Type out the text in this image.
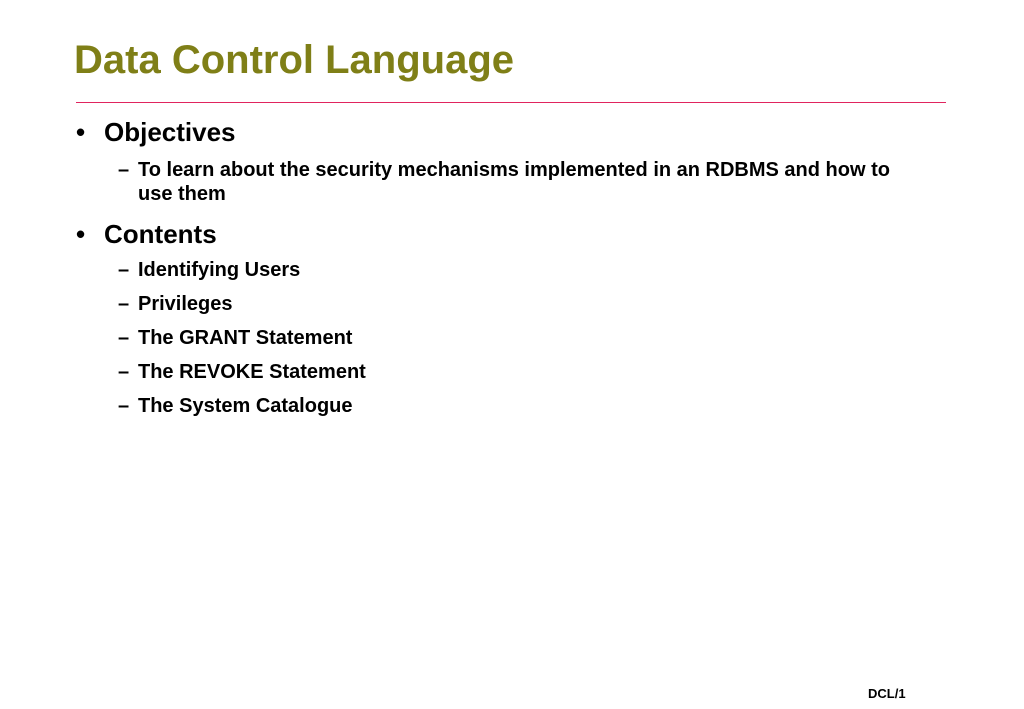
Data Control Language
• Objectives
– To learn about the security mechanisms implemented in an RDBMS and how to use them
• Contents
– Identifying Users
– Privileges
– The GRANT Statement
– The REVOKE Statement
– The System Catalogue
DCL/1
